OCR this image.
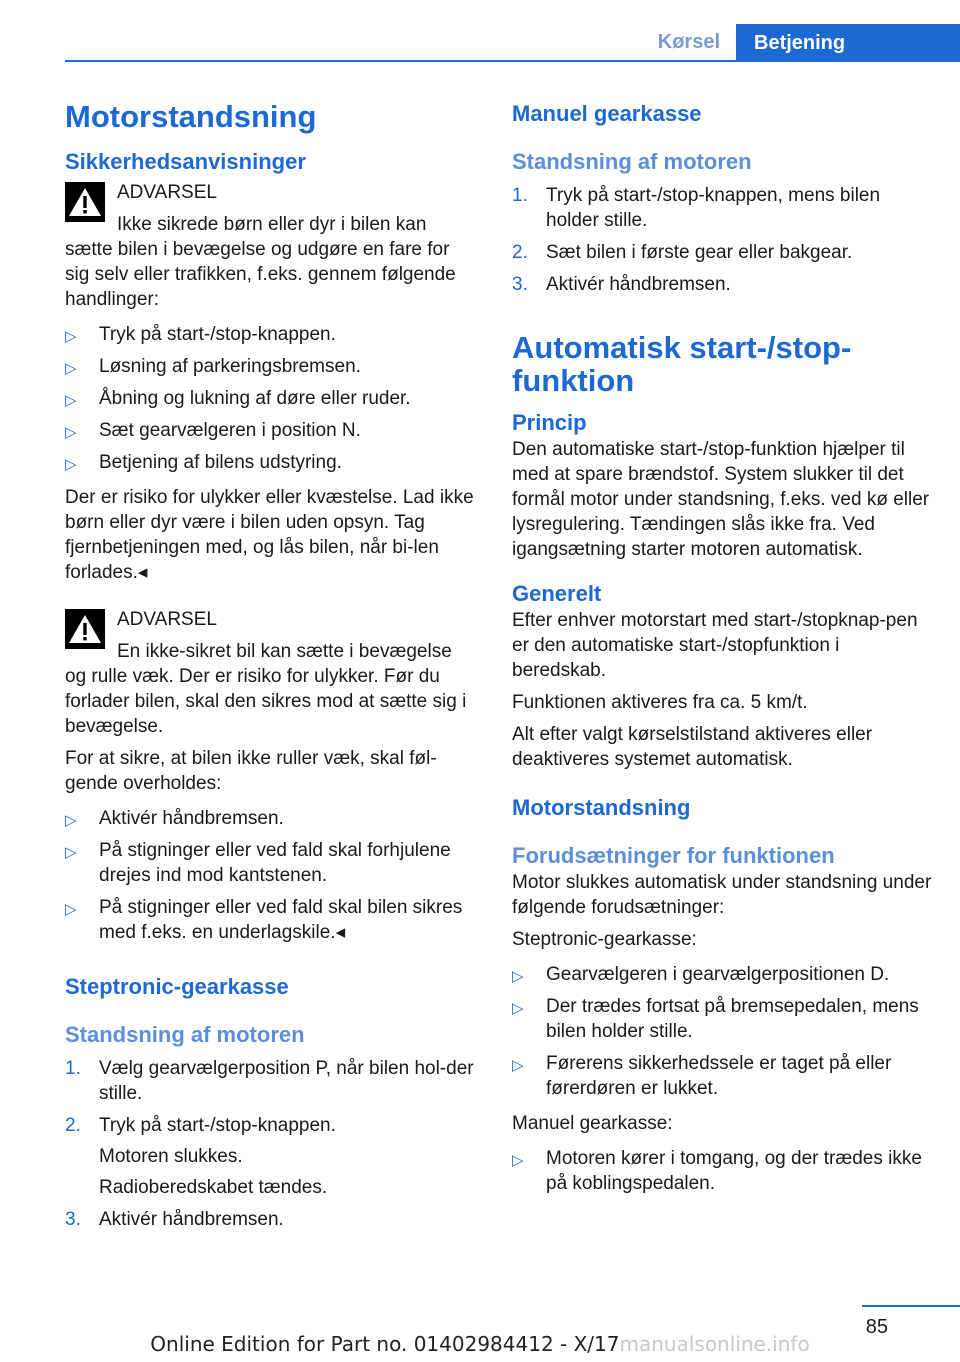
Kørsel	Betjening
Motorstandsning
Sikkerhedsanvisninger
ADVARSEL

Ikke sikrede børn eller dyr i bilen kan sætte bilen i bevægelse og udgøre en fare for sig selv eller trafikken, f.eks. gennem følgende handlinger:

▷ Tryk på start-/stop-knappen.
▷ Løsning af parkeringsbremsen.
▷ Åbning og lukning af døre eller ruder.
▷ Sæt gearvælgeren i position N.
▷ Betjening af bilens udstyring.

Der er risiko for ulykker eller kvæstelse. Lad ikke børn eller dyr være i bilen uden opsyn. Tag fjernbetjeningen med, og lås bilen, når bi-len forlades.◂

ADVARSEL

En ikke-sikret bil kan sætte i bevægelse og rulle væk. Der er risiko for ulykker. Før du forlader bilen, skal den sikres mod at sætte sig i bevægelse.

For at sikre, at bilen ikke ruller væk, skal føl-gende overholdes:

▷ Aktivér håndbremsen.
▷ På stigninger eller ved fald skal forhjulene drejes ind mod kantstenen.
▷ På stigninger eller ved fald skal bilen sikres med f.eks. en underlagskile.◂
Steptronic-gearkasse
Standsning af motoren
1. Vælg gearvælgerposition P, når bilen hol-der stille.
2. Tryk på start-/stop-knappen.
Motoren slukkes.
Radioberedskabet tændes.
3. Aktivér håndbremsen.
Manuel gearkasse
Standsning af motoren
1. Tryk på start-/stop-knappen, mens bilen holder stille.
2. Sæt bilen i første gear eller bakgear.
3. Aktivér håndbremsen.
Automatisk start-/stop-funktion
Princip

Den automatiske start-/stop-funktion hjælper til med at spare brændstof. System slukker til det formål motor under standsning, f.eks. ved kø eller lysregulering. Tændingen slås ikke fra. Ved igangsætning starter motoren automatisk.

Generelt

Efter enhver motorstart med start-/stopknap-pen er den automatiske start-/stopfunktion i beredskab.

Funktionen aktiveres fra ca. 5 km/t.

Alt efter valgt kørselstilstand aktiveres eller deaktiveres systemet automatisk.

Motorstandsning
Forudsætninger for funktionen

Motor slukkes automatisk under standsning under følgende forudsætninger:

Steptronic-gearkasse:

▷ Gearvælgeren i gearvælgerpositionen D.
▷ Der trædes fortsat på bremsepedalen, mens bilen holder stille.
▷ Førerens sikkerhedssele er taget på eller førerdøren er lukket.

Manuel gearkasse:

▷ Motoren kører i tomgang, og der trædes ikke på koblingspedalen.
85
Online Edition for Part no. 01402984412 - X/17manualsonline.info
